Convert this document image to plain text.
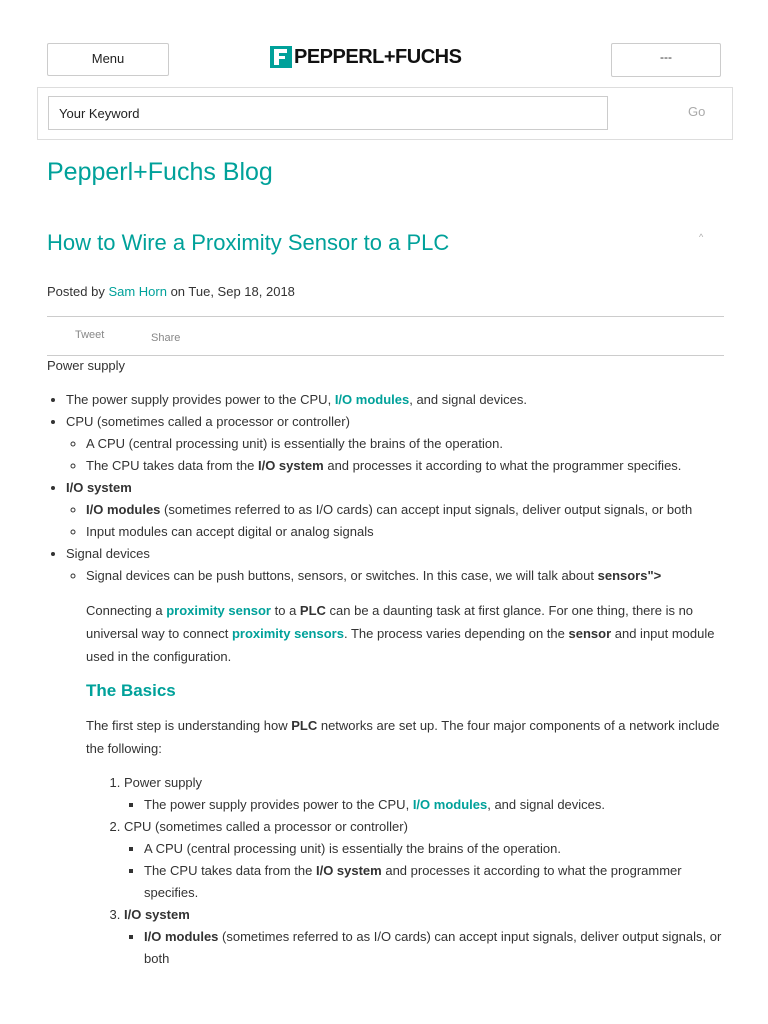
Menu	PEPPERL+FUCHS	---
Your Keyword
Go
Pepperl+Fuchs Blog
How to Wire a Proximity Sensor to a PLC	^
Posted by Sam Horn on Tue, Sep 18, 2018
Tweet	Share

Power supply

• The power supply provides power to the CPU, I/O modules, and signal devices.
• CPU (sometimes called a processor or controller)
◦ A CPU (central processing unit) is essentially the brains of the operation.
◦ The CPU takes data from the I/O system and processes it according to what the programmer specifies.
• I/O system
◦ I/O modules (sometimes referred to as I/O cards) can accept input signals, deliver output signals, or both
◦ Input modules can accept digital or analog signals
• Signal devices
◦ Signal devices can be push buttons, sensors, or switches. In this case, we will talk about sensors">

Connecting a proximity sensor to a PLC can be a daunting task at first glance. For one thing, there is no universal way to connect proximity sensors. The process varies depending on the sensor and input module used in the configuration.

The Basics

The first step is understanding how PLC networks are set up. The four major components of a network include the following:

1. Power supply
▪ The power supply provides power to the CPU, I/O modules, and signal devices.
2. CPU (sometimes called a processor or controller)
▪ A CPU (central processing unit) is essentially the brains of the operation.
▪ The CPU takes data from the I/O system and processes it according to what the programmer specifies.
3. I/O system
▪ I/O modules (sometimes referred to as I/O cards) can accept input signals, deliver output signals, or both
